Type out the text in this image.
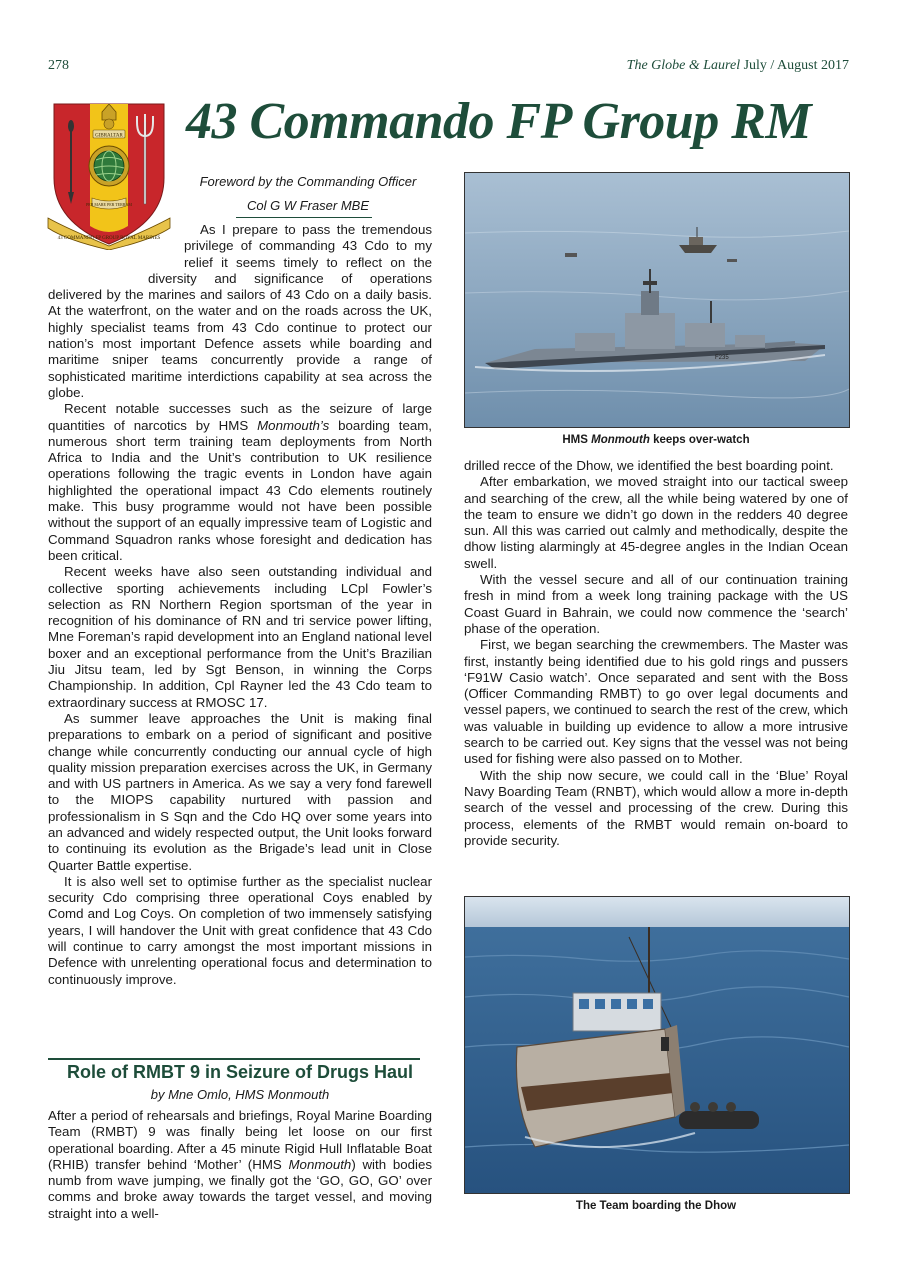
278	The Globe & Laurel July / August 2017
GIBRALTAR
PER MARE PER TERRAM
43 COMMANDO FP GROUP ROYAL MARINES
43 Commando FP Group RM
Foreword by the Commanding Officer
Col G W Fraser MBE

As I prepare to pass the tremendous privilege of commanding 43 Cdo to my relief it seems timely to reflect on the diversity and significance of operations delivered by the marines and sailors of 43 Cdo on a daily basis. At the waterfront, on the water and on the roads across the UK, highly specialist teams from 43 Cdo continue to protect our nation’s most important Defence assets while boarding and maritime sniper teams concurrently provide a range of sophisticated maritime interdictions capability at sea across the globe.

Recent notable successes such as the seizure of large quantities of narcotics by HMS Monmouth’s boarding team, numerous short term training team deployments from North Africa to India and the Unit’s contribution to UK resilience operations following the tragic events in London have again highlighted the operational impact 43 Cdo elements routinely make. This busy programme would not have been possible without the support of an equally impressive team of Logistic and Command Squadron ranks whose foresight and dedication has been critical.

Recent weeks have also seen outstanding individual and collective sporting achievements including LCpl Fowler’s selection as RN Northern Region sportsman of the year in recognition of his dominance of RN and tri service power lifting, Mne Foreman’s rapid development into an England national level boxer and an exceptional performance from the Unit’s Brazilian Jiu Jitsu team, led by Sgt Benson, in winning the Corps Championship. In addition, Cpl Rayner led the 43 Cdo team to extraordinary success at RMOSC 17.

As summer leave approaches the Unit is making final preparations to embark on a period of significant and positive change while concurrently conducting our annual cycle of high quality mission preparation exercises across the UK, in Germany and with US partners in America. As we say a very fond farewell to the MIOPS capability nurtured with passion and professionalism in S Sqn and the Cdo HQ over some years into an advanced and widely respected output, the Unit looks forward to continuing its evolution as the Brigade’s lead unit in Close Quarter Battle expertise.

It is also well set to optimise further as the specialist nuclear security Cdo comprising three operational Coys enabled by Comd and Log Coys. On completion of two immensely satisfying years, I will handover the Unit with great confidence that 43 Cdo will continue to carry amongst the most important missions in Defence with unrelenting operational focus and determination to continuously improve.

Role of RMBT 9 in Seizure of Drugs Haul
by Mne Omlo, HMS Monmouth

After a period of rehearsals and briefings, Royal Marine Boarding Team (RMBT) 9 was finally being let loose on our first operational boarding. After a 45 minute Rigid Hull Inflatable Boat (RHIB) transfer behind ‘Mother’ (HMS Monmouth) with bodies numb from wave jumping, we finally got the ‘GO, GO, GO’ over comms and broke away towards the target vessel, and moving straight into a well-

F235
HMS Monmouth keeps over-watch

drilled recce of the Dhow, we identified the best boarding point.

After embarkation, we moved straight into our tactical sweep and searching of the crew, all the while being watered by one of the team to ensure we didn’t go down in the redders 40 degree sun. All this was carried out calmly and methodically, despite the dhow listing alarmingly at 45-degree angles in the Indian Ocean swell.

With the vessel secure and all of our continuation training fresh in mind from a week long training package with the US Coast Guard in Bahrain, we could now commence the ‘search’ phase of the operation.

First, we began searching the crewmembers. The Master was first, instantly being identified due to his gold rings and pussers ‘F91W Casio watch’. Once separated and sent with the Boss (Officer Commanding RMBT) to go over legal documents and vessel papers, we continued to search the rest of the crew, which was valuable in building up evidence to allow a more intrusive search to be carried out. Key signs that the vessel was not being used for fishing were also passed on to Mother.

With the ship now secure, we could call in the ‘Blue’ Royal Navy Boarding Team (RNBT), which would allow a more in-depth search of the vessel and processing of the crew. During this process, elements of the RMBT would remain on-board to provide security.

The Team boarding the Dhow
